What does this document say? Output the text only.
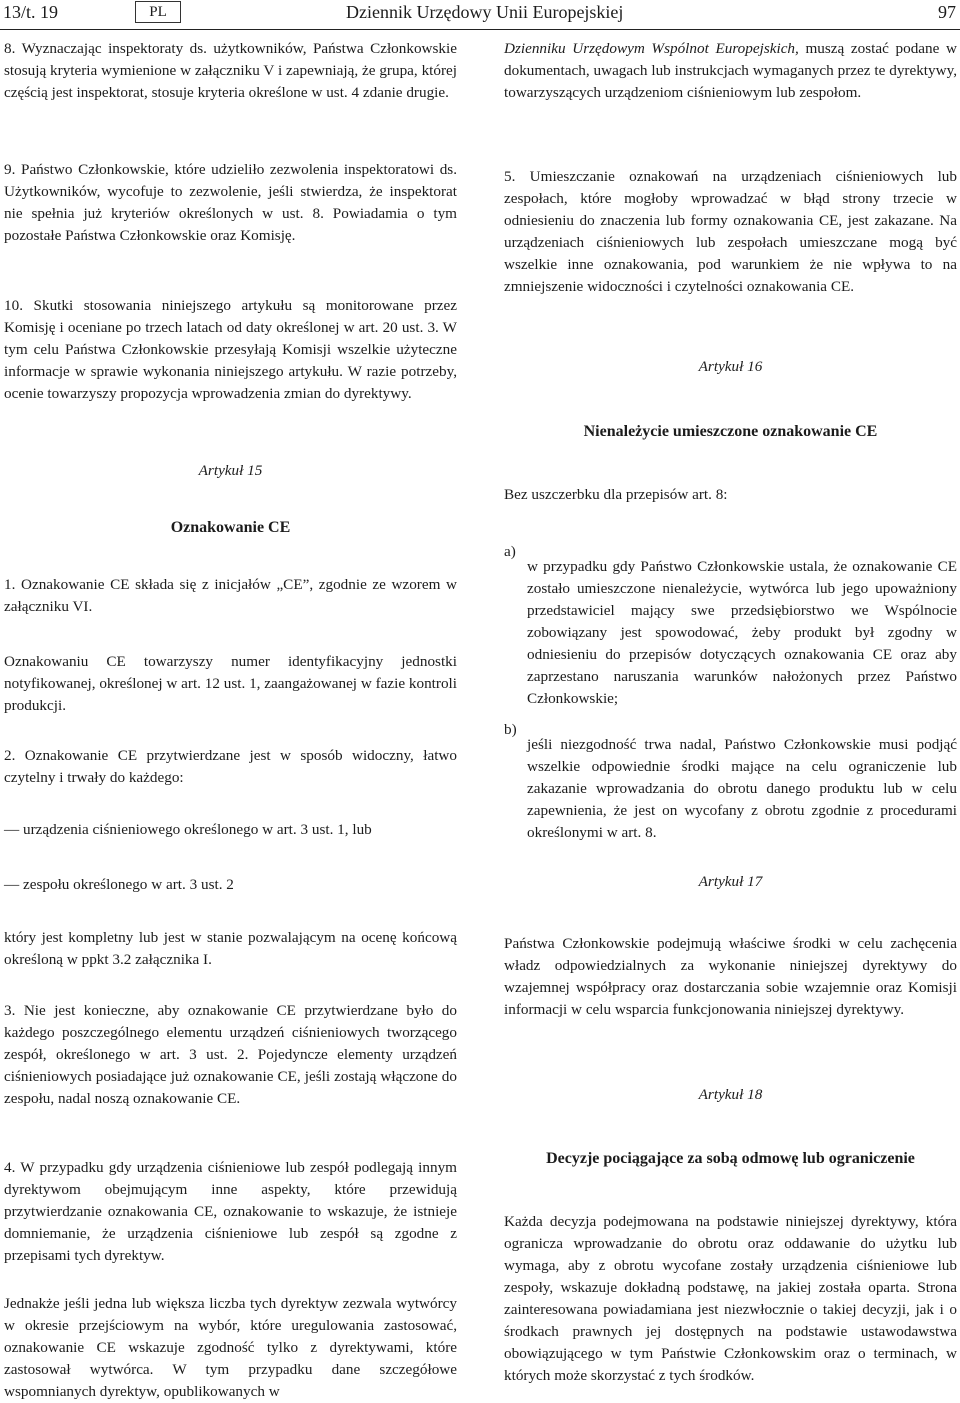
13/t. 19	PL	Dziennik Urzędowy Unii Europejskiej	97

8. Wyznaczając inspektoraty ds. użytkowników, Państwa Członkowskie stosują kryteria wymienione w załączniku V i zapewniają, że grupa, której częścią jest inspektorat, stosuje kryteria określone w ust. 4 zdanie drugie.

9. Państwo Członkowskie, które udzieliło zezwolenia inspektoratowi ds. Użytkowników, wycofuje to zezwolenie, jeśli stwierdza, że inspektorat nie spełnia już kryteriów określonych w ust. 8. Powiadamia o tym pozostałe Państwa Członkowskie oraz Komisję.

10. Skutki stosowania niniejszego artykułu są monitorowane przez Komisję i oceniane po trzech latach od daty określonej w art. 20 ust. 3. W tym celu Państwa Członkowskie przesyłają Komisji wszelkie użyteczne informacje w sprawie wykonania niniejszego artykułu. W razie potrzeby, ocenie towarzyszy propozycja wprowadzenia zmian do dyrektywy.

Artykuł 15
Oznakowanie CE

1. Oznakowanie CE składa się z inicjałów „CE”, zgodnie ze wzorem w załączniku VI.

Oznakowaniu CE towarzyszy numer identyfikacyjny jednostki notyfikowanej, określonej w art. 12 ust. 1, zaangażowanej w fazie kontroli produkcji.

2. Oznakowanie CE przytwierdzane jest w sposób widoczny, łatwo czytelny i trwały do każdego:

— urządzenia ciśnieniowego określonego w art. 3 ust. 1, lub

— zespołu określonego w art. 3 ust. 2

który jest kompletny lub jest w stanie pozwalającym na ocenę końcową określoną w ppkt 3.2 załącznika I.

3. Nie jest konieczne, aby oznakowanie CE przytwierdzane było do każdego poszczególnego elementu urządzeń ciśnieniowych tworzącego zespół, określonego w art. 3 ust. 2. Pojedyncze elementy urządzeń ciśnieniowych posiadające już oznakowanie CE, jeśli zostają włączone do zespołu, nadal noszą oznakowanie CE.

4. W przypadku gdy urządzenia ciśnieniowe lub zespół podlegają innym dyrektywom obejmującym inne aspekty, które przewidują przytwierdzanie oznakowania CE, oznakowanie to wskazuje, że istnieje domniemanie, że urządzenia ciśnieniowe lub zespół są zgodne z przepisami tych dyrektyw.

Jednakże jeśli jedna lub większa liczba tych dyrektyw zezwala wytwórcy w okresie przejściowym na wybór, które uregulowania zastosować, oznakowanie CE wskazuje zgodność tylko z dyrektywami, które zastosował wytwórca. W tym przypadku dane szczegółowe wspomnianych dyrektyw, opublikowanych w

Dzienniku Urzędowym Wspólnot Europejskich, muszą zostać podane w dokumentach, uwagach lub instrukcjach wymaganych przez te dyrektywy, towarzyszących urządzeniom ciśnieniowym lub zespołom.

5. Umieszczanie oznakowań na urządzeniach ciśnieniowych lub zespołach, które mogłoby wprowadzać w błąd strony trzecie w odniesieniu do znaczenia lub formy oznakowania CE, jest zakazane. Na urządzeniach ciśnieniowych lub zespołach umieszczane mogą być wszelkie inne oznakowania, pod warunkiem że nie wpływa to na zmniejszenie widoczności i czytelności oznakowania CE.

Artykuł 16
Nienależycie umieszczone oznakowanie CE

Bez uszczerbku dla przepisów art. 8:

a)

w przypadku gdy Państwo Członkowskie ustala, że oznakowanie CE zostało umieszczone nienależycie, wytwórca lub jego upoważniony przedstawiciel mający swe przedsiębiorstwo we Wspólnocie zobowiązany jest spowodować, żeby produkt był zgodny w odniesieniu do przepisów dotyczących oznakowania CE oraz aby zaprzestano naruszania warunków nałożonych przez Państwo Członkowskie;

b)

jeśli niezgodność trwa nadal, Państwo Członkowskie musi podjąć wszelkie odpowiednie środki mające na celu ograniczenie lub zakazanie wprowadzania do obrotu danego produktu lub w celu zapewnienia, że jest on wycofany z obrotu zgodnie z procedurami określonymi w art. 8.

Artykuł 17

Państwa Członkowskie podejmują właściwe środki w celu zachęcenia władz odpowiedzialnych za wykonanie niniejszej dyrektywy do wzajemnej współpracy oraz dostarczania sobie wzajemnie oraz Komisji informacji w celu wsparcia funkcjonowania niniejszej dyrektywy.

Artykuł 18
Decyzje pociągające za sobą odmowę lub ograniczenie

Każda decyzja podejmowana na podstawie niniejszej dyrektywy, która ogranicza wprowadzanie do obrotu oraz oddawanie do użytku lub wymaga, aby z obrotu wycofane zostały urządzenia ciśnieniowe lub zespoły, wskazuje dokładną podstawę, na jakiej została oparta. Strona zainteresowana powiadamiana jest niezwłocznie o takiej decyzji, jak i o środkach prawnych jej dostępnych na podstawie ustawodawstwa obowiązującego w tym Państwie Członkowskim oraz o terminach, w których może skorzystać z tych środków.
